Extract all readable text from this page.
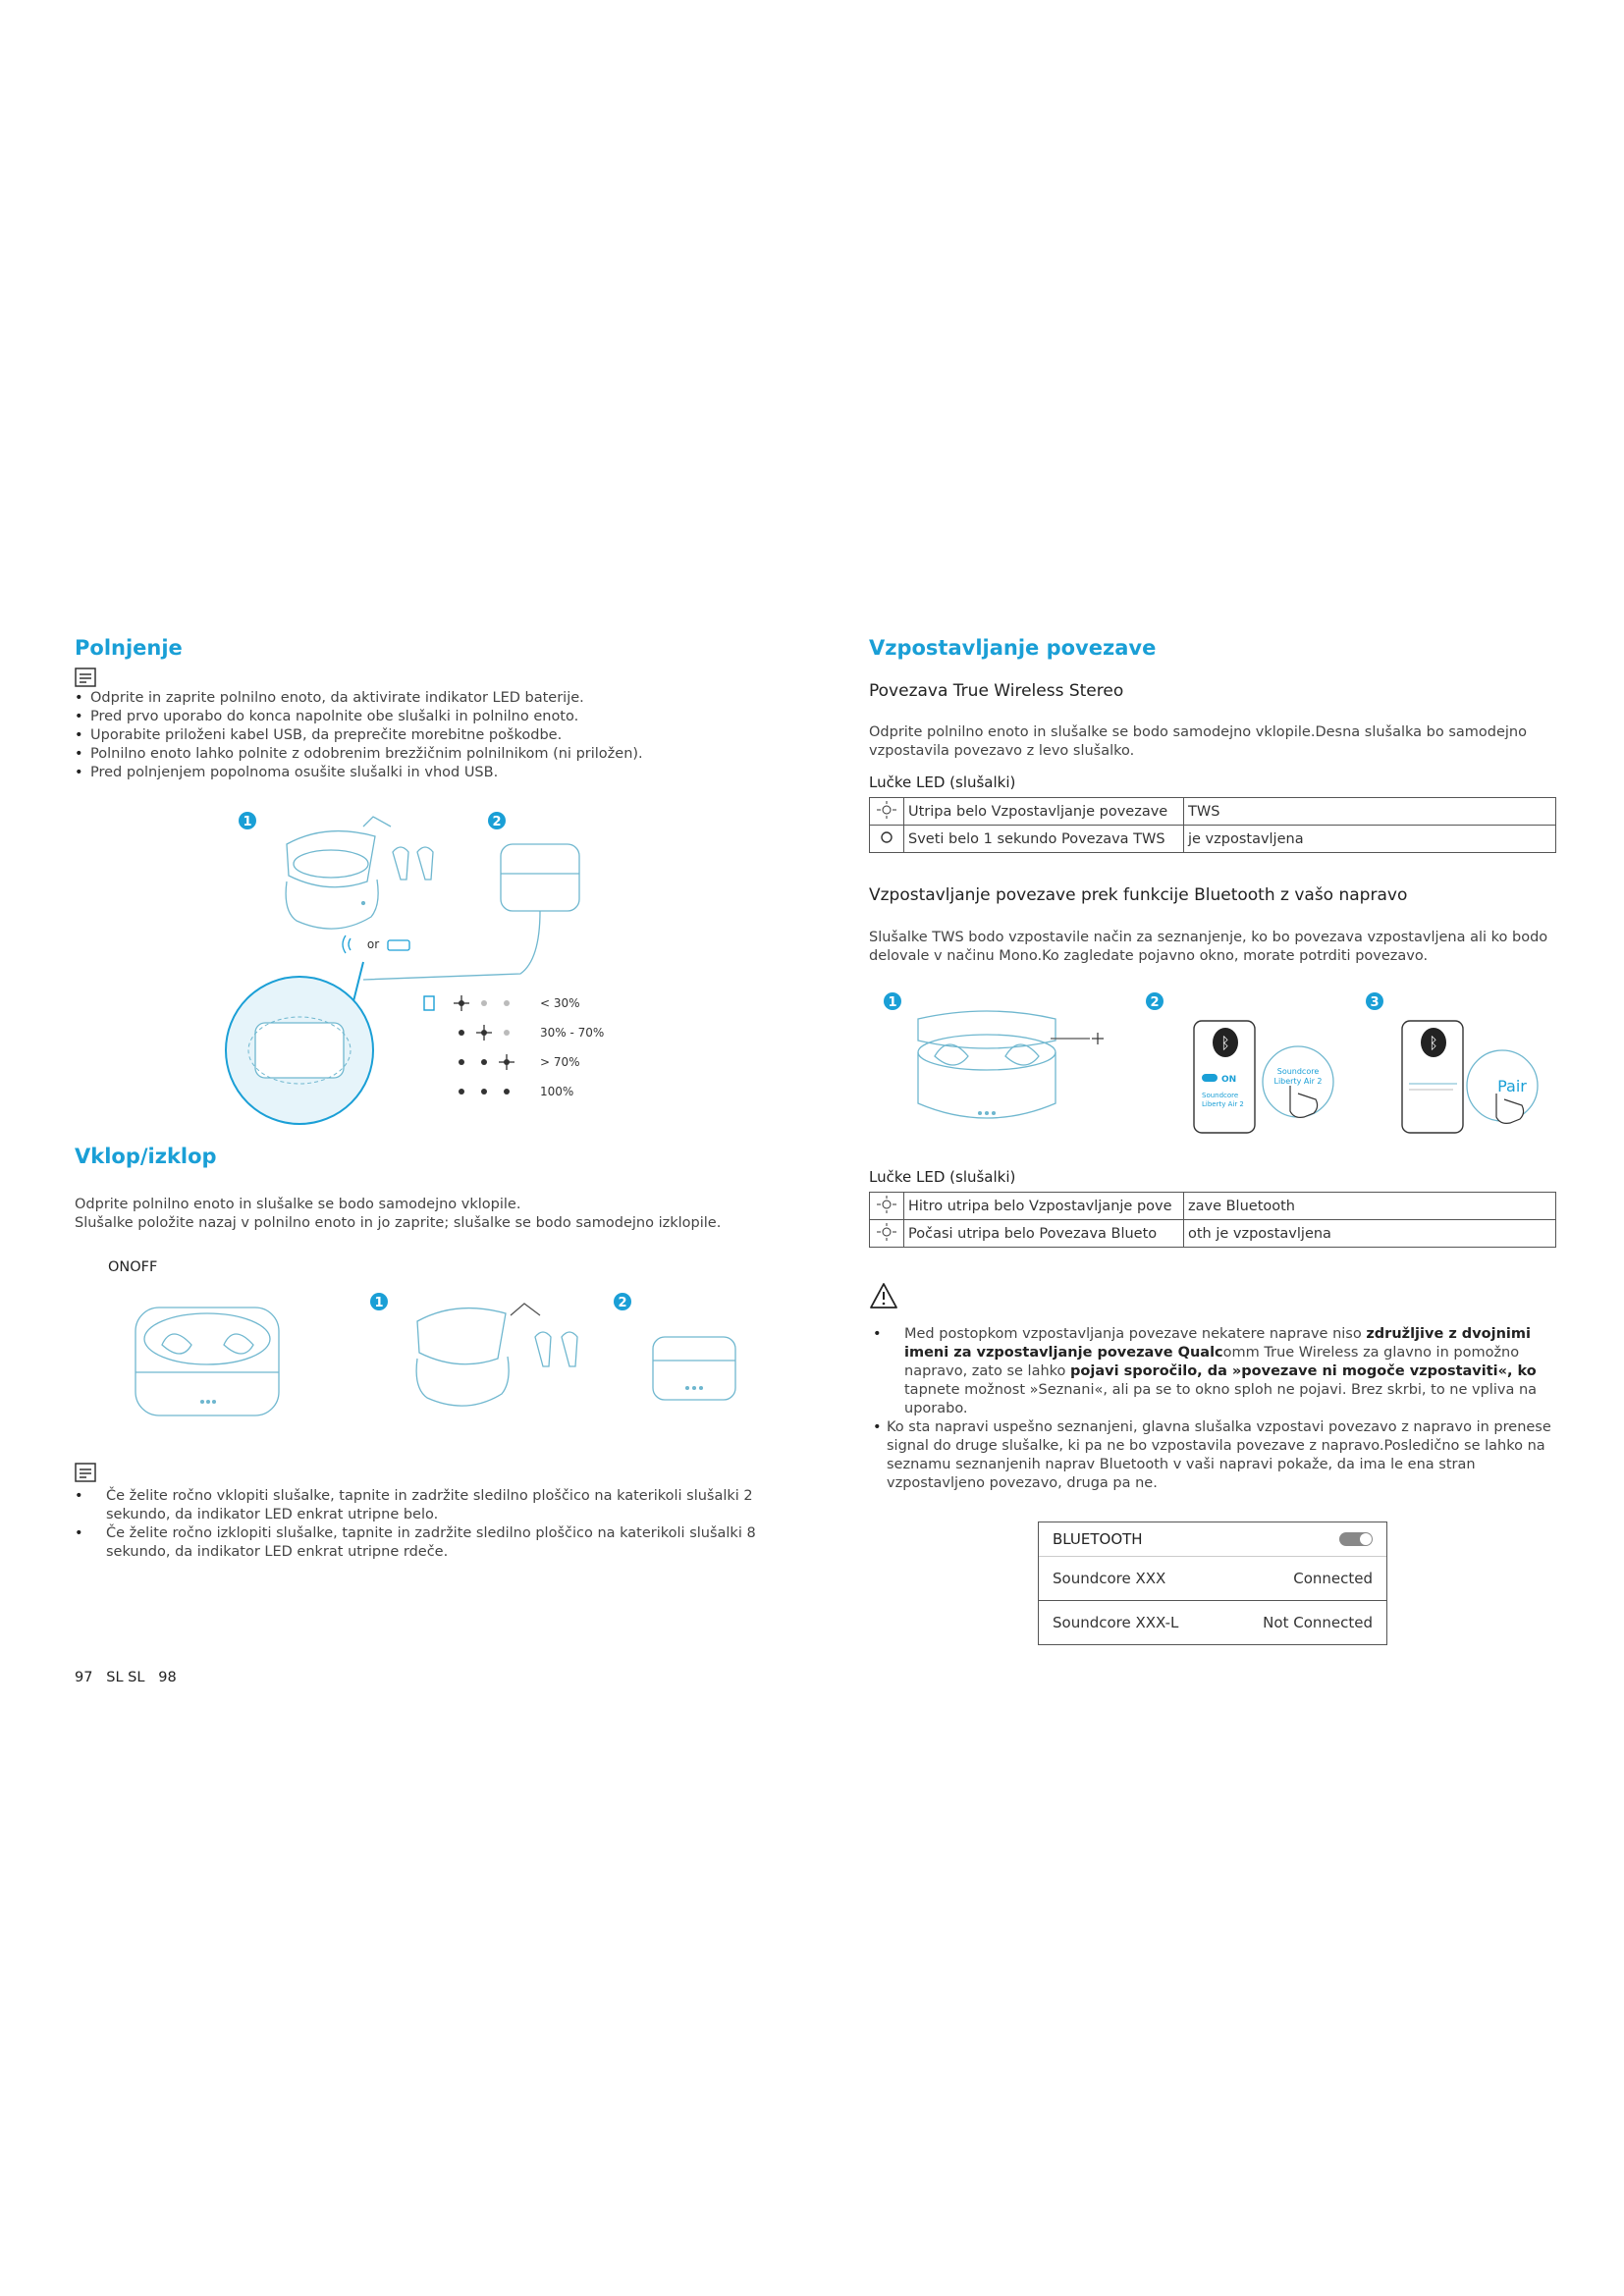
Polnjenje
• Odprite in zaprite polnilno enoto, da aktivirate indikator LED baterije.
• Pred prvo uporabo do konca napolnite obe slušalki in polnilno enoto.
• Uporabite priloženi kabel USB, da preprečite morebitne poškodbe.
• Polnilno enoto lahko polnite z odobrenim brezžičnim polnilnikom (ni priložen).
• Pred polnjenjem popolnoma osušite slušalki in vhod USB.
1	2
or
< 30%
30% - 70%
> 70%
100%
Vklop/izklop

Odprite polnilno enoto in slušalke se bodo samodejno vklopile.

Slušalke položite nazaj v polnilno enoto in jo zaprite; slušalke se bodo samodejno izklopile.

ONOFF
1	2
• Če želite ročno vklopiti slušalke, tapnite in zadržite sledilno ploščico na katerikoli slušalki 2 sekundo, da indikator LED enkrat utripne belo.
• Če želite ročno izklopiti slušalke, tapnite in zadržite sledilno ploščico na katerikoli slušalki 8 sekundo, da indikator LED enkrat utripne rdeče.
97   SL SL   98
Vzpostavljanje povezave

Povezava True Wireless Stereo

Odprite polnilno enoto in slušalke se bodo samodejno vklopile.Desna slušalka bo samodejno vzpostavila povezavo z levo slušalko.

Lučke LED (slušalki)

	Utripa belo Vzpostavljanje povezave	TWS
	Sveti belo 1 sekundo Povezava TWS	je vzpostavljena

Vzpostavljanje povezave prek funkcije Bluetooth z vašo napravo

Slušalke TWS bodo vzpostavile način za seznanjenje, ko bo povezava vzpostavljena ali ko bodo delovale v načinu Mono.Ko zagledate pojavno okno, morate potrditi povezavo.

1	2	3
ᛒ
ON
Soundcore
Liberty Air 2
Soundcore
Liberty Air 2
ᛒ
Pair

Lučke LED (slušalki)

	Hitro utripa belo Vzpostavljanje pove	zave Bluetooth
	Počasi utripa belo Povezava Blueto	oth je vzpostavljena
• Med postopkom vzpostavljanja povezave nekatere naprave niso združljive z dvojnimi imeni za vzpostavljanje povezave Qualcomm True Wireless za glavno in pomožno napravo, zato se lahko pojavi sporočilo, da »povezave ni mogoče vzpostaviti«, ko tapnete možnost »Seznani«, ali pa se to okno sploh ne pojavi. Brez skrbi, to ne vpliva na uporabo.
• Ko sta napravi uspešno seznanjeni, glavna slušalka vzpostavi povezavo z napravo in prenese signal do druge slušalke, ki pa ne bo vzpostavila povezave z napravo.Posledično se lahko na seznamu seznanjenih naprav Bluetooth v vaši napravi pokaže, da ima le ena stran vzpostavljeno povezavo, druga pa ne.
BLUETOOTH
Soundcore XXX	Connected
Soundcore XXX-L	Not Connected
